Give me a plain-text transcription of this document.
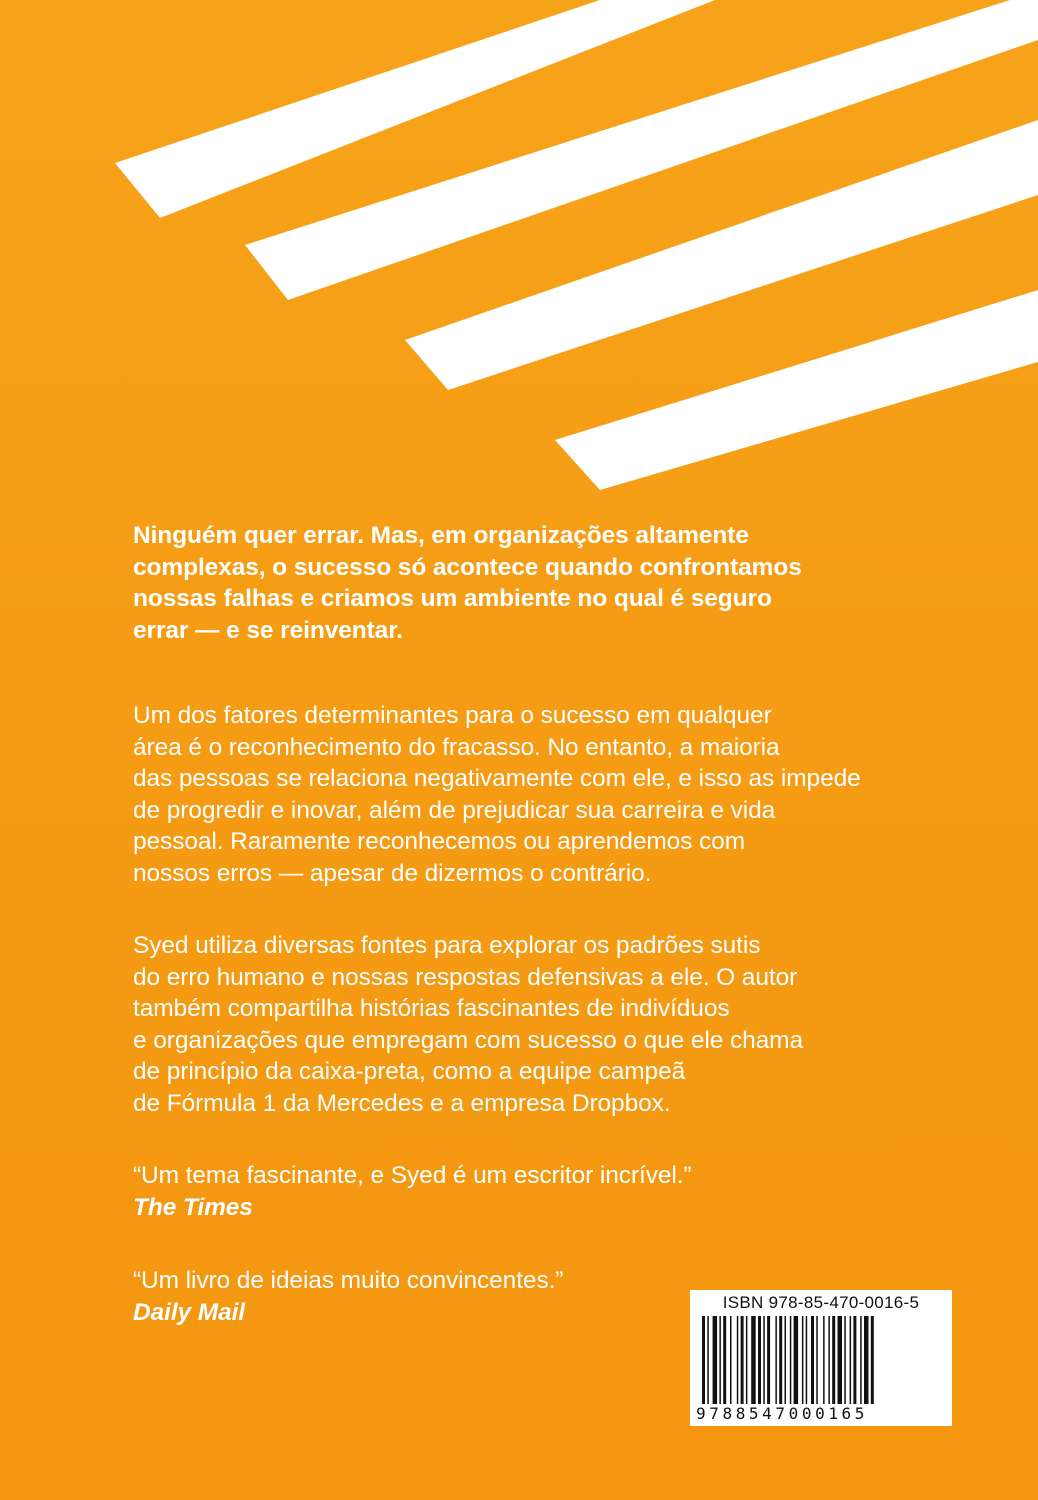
Ninguém quer errar. Mas, em organizações altamente
complexas, o sucesso só acontece quando confrontamos
nossas falhas e criamos um ambiente no qual é seguro
errar — e se reinventar.
Um dos fatores determinantes para o sucesso em qualquer
área é o reconhecimento do fracasso. No entanto, a maioria
das pessoas se relaciona negativamente com ele, e isso as impede
de progredir e inovar, além de prejudicar sua carreira e vida
pessoal. Raramente reconhecemos ou aprendemos com
nossos erros — apesar de dizermos o contrário.
Syed utiliza diversas fontes para explorar os padrões sutis
do erro humano e nossas respostas defensivas a ele. O autor
também compartilha histórias fascinantes de indivíduos
e organizações que empregam com sucesso o que ele chama
de princípio da caixa-preta, como a equipe campeã
de Fórmula 1 da Mercedes e a empresa Dropbox.
“Um tema fascinante, e Syed é um escritor incrível.”
The Times
“Um livro de ideias muito convincentes.”
Daily Mail	ISBN 978-85-470-0016-5
9788547000165
